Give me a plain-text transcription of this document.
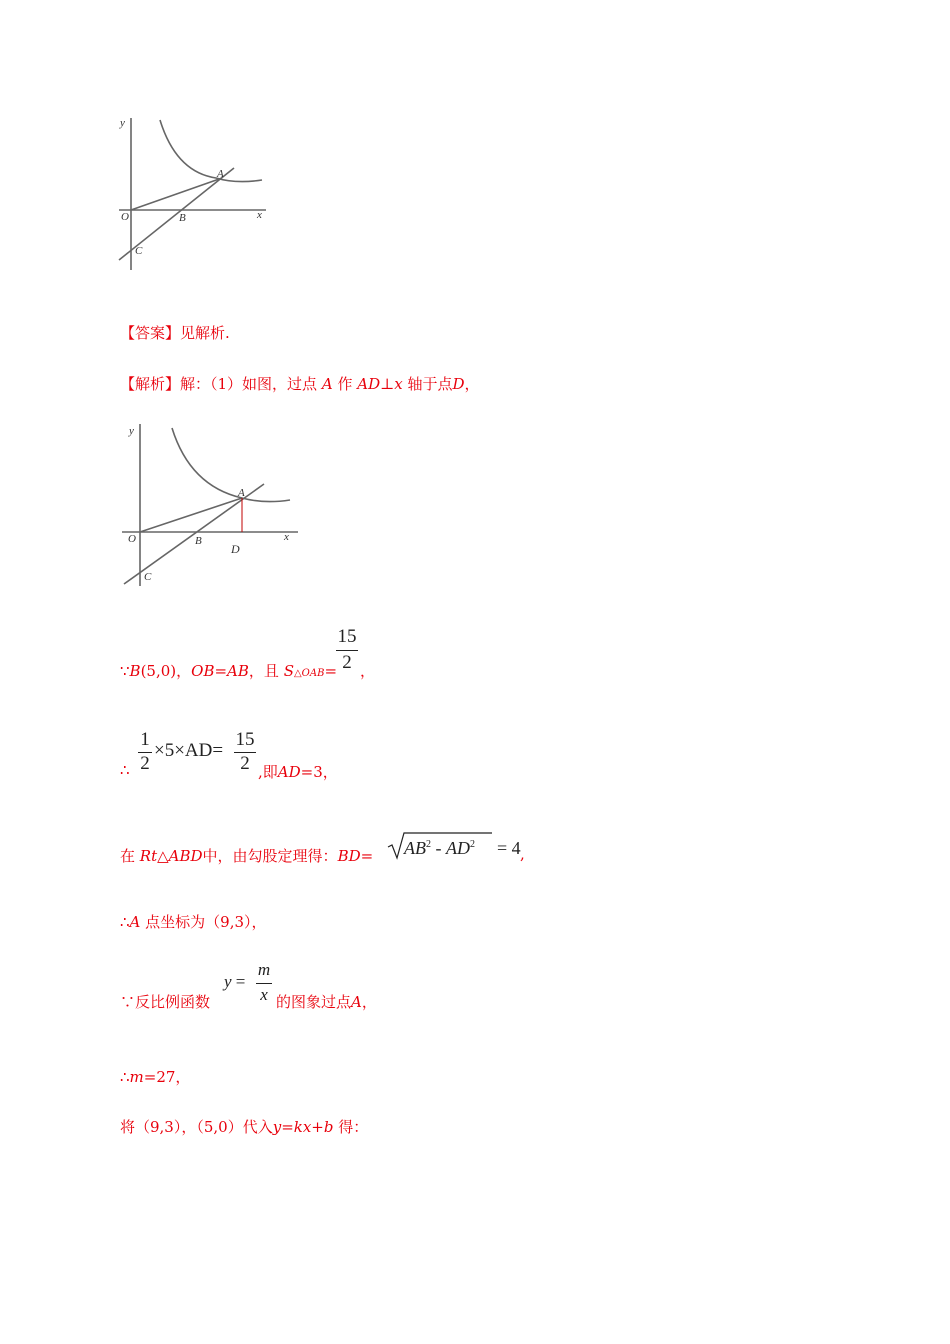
y
x
O
A
B
C
【答案】见解析.
【解析】解：（1）如图，过点 A 作 AD⊥x 轴于点D，
y
x
O
A
B
C
D
∵B(5,0)，OB=AB，且 S△OAB=
15
2 ，
∴
1
2
×5×AD=
15
2 ,即AD=3，
在 Rt△ABD中，由勾股定理得：$BD= AB^2 - AD^2 = 4$ ,
∴A 点坐标为（9,3），
∵反比例函数
y =
m
x 的图象过点A，
∴m=27，
将（9,3），（5,0）代入y=kx+b 得：
